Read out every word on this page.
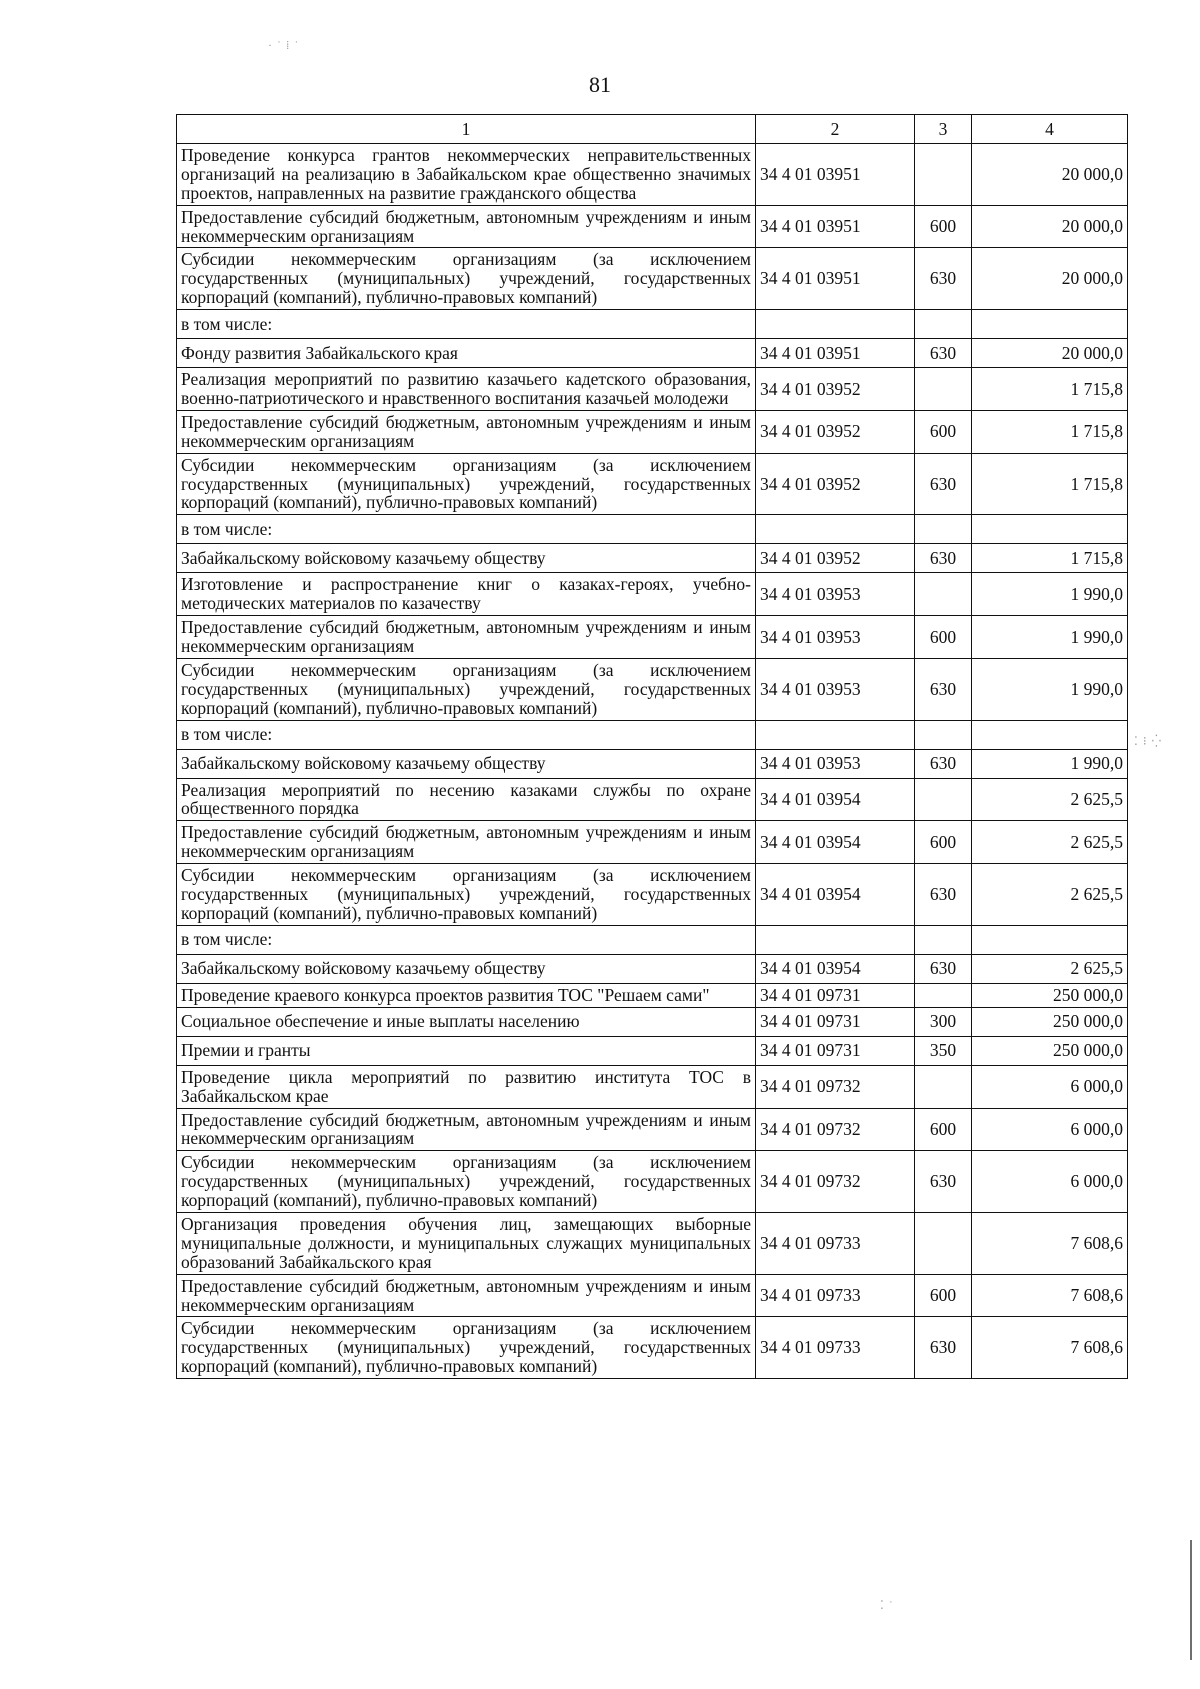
81
1	2	3	4
Проведение конкурса грантов некоммерческих неправительственных организаций на реализацию в Забайкальском крае общественно значимых проектов, направленных на развитие гражданского общества	34 4 01 03951		20 000,0
Предоставление субсидий бюджетным, автономным учреждениям и иным некоммерческим организациям	34 4 01 03951	600	20 000,0
Субсидии некоммерческим организациям (за исключением государственных (муниципальных) учреждений, государственных корпораций (компаний), публично-правовых компаний)	34 4 01 03951	630	20 000,0
в том числе:			
Фонду развития Забайкальского края	34 4 01 03951	630	20 000,0
Реализация мероприятий по развитию казачьего кадетского образования, военно-патриотического и нравственного воспитания казачьей молодежи	34 4 01 03952		1 715,8
Предоставление субсидий бюджетным, автономным учреждениям и иным некоммерческим организациям	34 4 01 03952	600	1 715,8
Субсидии некоммерческим организациям (за исключением государственных (муниципальных) учреждений, государственных корпораций (компаний), публично-правовых компаний)	34 4 01 03952	630	1 715,8
в том числе:			
Забайкальскому войсковому казачьему обществу	34 4 01 03952	630	1 715,8
Изготовление и распространение книг о казаках-героях, учебно-методических материалов по казачеству	34 4 01 03953		1 990,0
Предоставление субсидий бюджетным, автономным учреждениям и иным некоммерческим организациям	34 4 01 03953	600	1 990,0
Субсидии некоммерческим организациям (за исключением государственных (муниципальных) учреждений, государственных корпораций (компаний), публично-правовых компаний)	34 4 01 03953	630	1 990,0
в том числе:			
Забайкальскому войсковому казачьему обществу	34 4 01 03953	630	1 990,0
Реализация мероприятий по несению казаками службы по охране общественного порядка	34 4 01 03954		2 625,5
Предоставление субсидий бюджетным, автономным учреждениям и иным некоммерческим организациям	34 4 01 03954	600	2 625,5
Субсидии некоммерческим организациям (за исключением государственных (муниципальных) учреждений, государственных корпораций (компаний), публично-правовых компаний)	34 4 01 03954	630	2 625,5
в том числе:			
Забайкальскому войсковому казачьему обществу	34 4 01 03954	630	2 625,5
Проведение краевого конкурса проектов развития ТОС "Решаем сами"	34 4 01 09731		250 000,0
Социальное обеспечение и иные выплаты населению	34 4 01 09731	300	250 000,0
Премии и гранты	34 4 01 09731	350	250 000,0
Проведение цикла мероприятий по развитию института ТОС в Забайкальском крае	34 4 01 09732		6 000,0
Предоставление субсидий бюджетным, автономным учреждениям и иным некоммерческим организациям	34 4 01 09732	600	6 000,0
Субсидии некоммерческим организациям (за исключением государственных (муниципальных) учреждений, государственных корпораций (компаний), публично-правовых компаний)	34 4 01 09732	630	6 000,0
Организация проведения обучения лиц, замещающих выборные муниципальные должности, и муниципальных служащих муниципальных образований Забайкальского края	34 4 01 09733		7 608,6
Предоставление субсидий бюджетным, автономным учреждениям и иным некоммерческим организациям	34 4 01 09733	600	7 608,6
Субсидии некоммерческим организациям (за исключением государственных (муниципальных) учреждений, государственных корпораций (компаний), публично-правовых компаний)	34 4 01 09733	630	7 608,6
· ˙ ⁞ ˙
⁚ ⁝ ⁛
⁚ ˙
